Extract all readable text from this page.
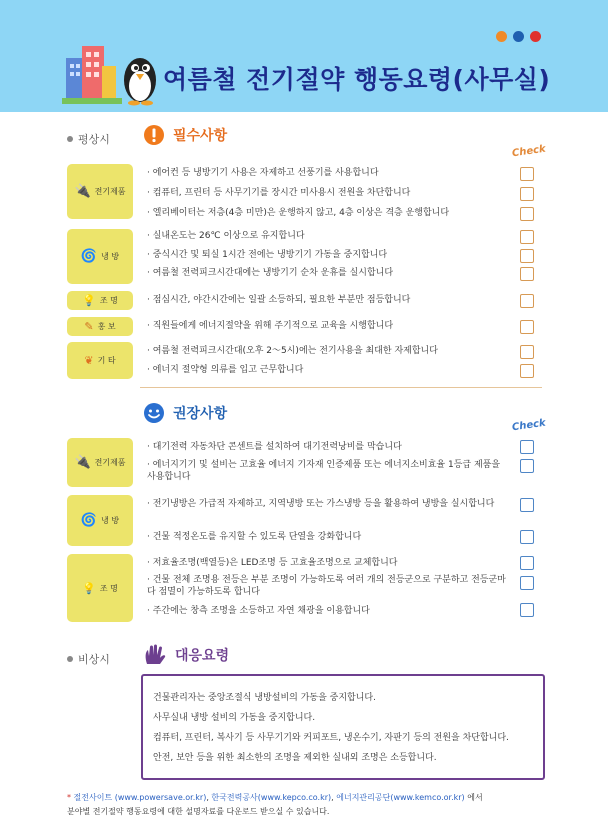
여름철 전기절약 행동요령(사무실)
평상시	필수사항
Check
🔌 전기제품
· 에어컨 등 냉방기기 사용은 자제하고 선풍기를 사용합니다
· 컴퓨터, 프린터 등 사무기기를 장시간 미사용시 전원을 차단합니다
· 엘리베이터는 저층(4층 미만)은 운행하지 않고, 4층 이상은 격층 운행합니다
🌀 냉 방
· 실내온도는 26℃ 이상으로 유지합니다
· 중식시간 및 퇴실 1시간 전에는 냉방기기 가동을 중지합니다
· 여름철 전력피크시간대에는 냉방기기 순차 운휴를 실시합니다
💡 조 명	· 점심시간, 야간시간에는 일괄 소등하되, 필요한 부분만 점등합니다
✎ 홍 보	· 직원들에게 에너지절약을 위해 주기적으로 교육을 시행합니다
❦ 기 타
· 여름철 전력피크시간대(오후 2～5시)에는 전기사용을 최대한 자제합니다
· 에너지 절약형 의류를 입고 근무합니다
권장사항
Check
🔌 전기제품
· 대기전력 자동차단 콘센트를 설치하여 대기전력낭비를 막습니다
· 에너지기기 및 설비는 고효율 에너지 기자재 인증제품 또는 에너지소비효율 1등급 제품을 사용합니다
🌀 냉 방
· 전기냉방은 가급적 자제하고, 지역냉방 또는 가스냉방 등을 활용하여 냉방을 실시합니다
· 건물 적정온도를 유지할 수 있도록 단열을 강화합니다
💡 조 명
· 저효율조명(백열등)은 LED조명 등 고효율조명으로 교체합니다
· 건물 전체 조명용 전등은 부분 조명이 가능하도록 여러 개의 전등군으로 구분하고 전등군마다 점멸이 가능하도록 합니다
· 주간에는 창측 조명을 소등하고 자연 채광을 이용합니다
비상시	대응요령
건물관리자는 중앙조절식 냉방설비의 가동을 중지합니다.
사무실내 냉방 설비의 가동을 중지합니다.
컴퓨터, 프린터, 복사기 등 사무기기와 커피포트, 냉온수기, 자판기 등의 전원을 차단합니다.
안전, 보안 등을 위한 최소한의 조명을 제외한 실내외 조명은 소등합니다.
* 절전사이트 (www.powersave.or.kr), 한국전력공사(www.kepco.co.kr), 에너지관리공단(www.kemco.or.kr) 에서
분야별 전기절약 행동요령에 대한 설명자료를 다운로드 받으실 수 있습니다.
